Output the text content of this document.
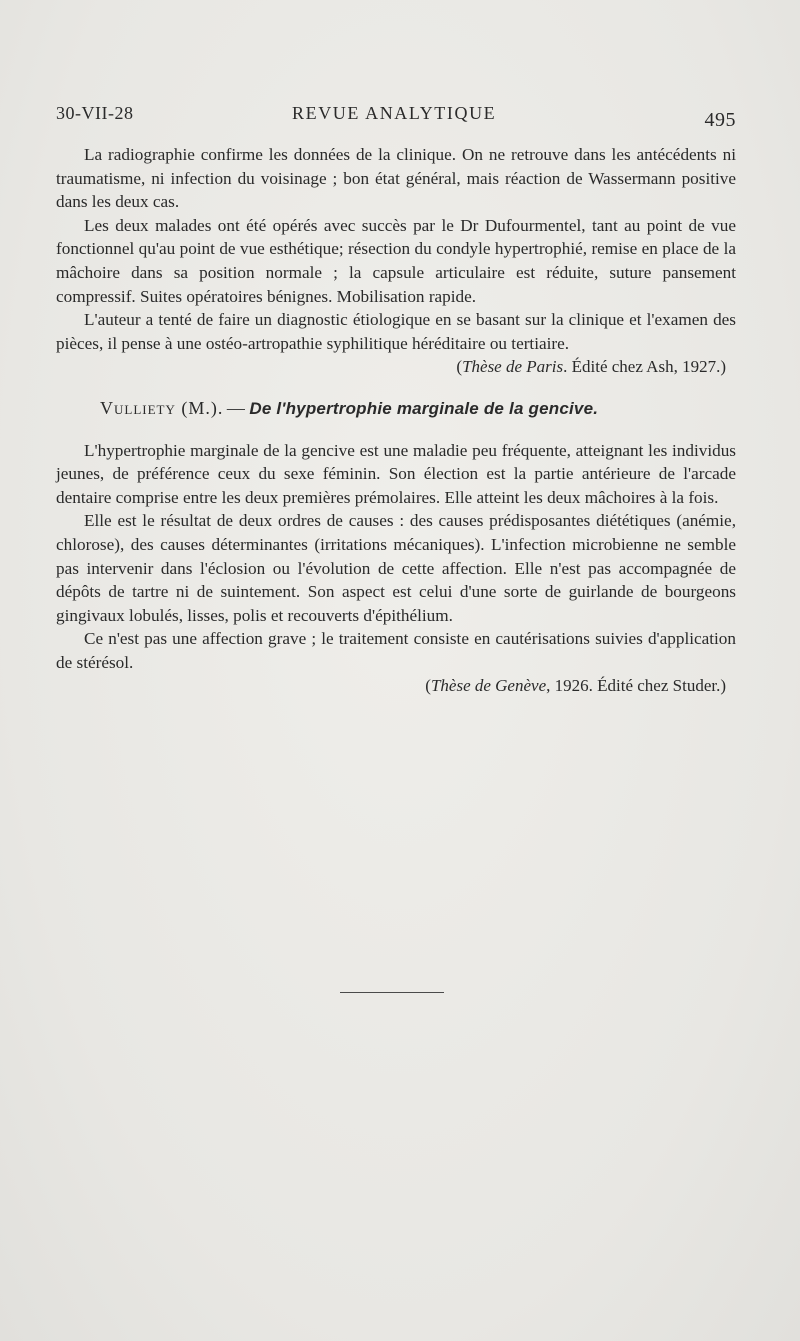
30-VII-28	REVUE ANALYTIQUE	495

La radiographie confirme les données de la clinique. On ne retrouve dans les antécédents ni traumatisme, ni infection du voisinage ; bon état général, mais réaction de Wassermann positive dans les deux cas.

Les deux malades ont été opérés avec succès par le Dr Dufourmentel, tant au point de vue fonctionnel qu'au point de vue esthétique; résection du condyle hypertrophié, remise en place de la mâchoire dans sa position normale ; la capsule articulaire est réduite, suture pansement compressif. Suites opératoires bénignes. Mobilisation rapide.

L'auteur a tenté de faire un diagnostic étiologique en se basant sur la clinique et l'examen des pièces, il pense à une ostéo-artropathie syphilitique héréditaire ou tertiaire.

(Thèse de Paris. Édité chez Ash, 1927.)

Vulliety (M.). — De l'hypertrophie marginale de la gencive.

L'hypertrophie marginale de la gencive est une maladie peu fréquente, atteignant les individus jeunes, de préférence ceux du sexe féminin. Son élection est la partie antérieure de l'arcade dentaire comprise entre les deux premières prémolaires. Elle atteint les deux mâchoires à la fois.

Elle est le résultat de deux ordres de causes : des causes prédisposantes diététiques (anémie, chlorose), des causes déterminantes (irritations mécaniques). L'infection microbienne ne semble pas intervenir dans l'éclosion ou l'évolution de cette affection. Elle n'est pas accompagnée de dépôts de tartre ni de suintement. Son aspect est celui d'une sorte de guirlande de bourgeons gingivaux lobulés, lisses, polis et recouverts d'épithélium.

Ce n'est pas une affection grave ; le traitement consiste en cautérisations suivies d'application de stérésol.

(Thèse de Genève, 1926. Édité chez Studer.)
